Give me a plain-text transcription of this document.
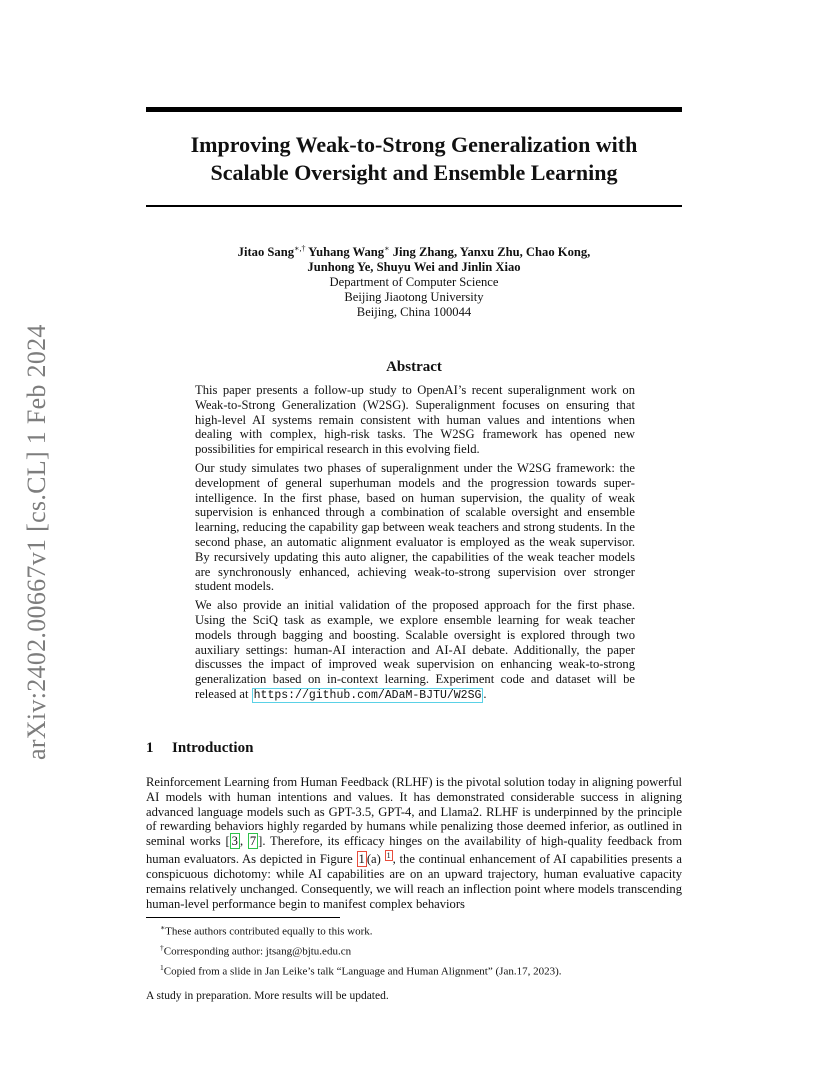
arXiv:2402.00667v1 [cs.CL] 1 Feb 2024
Improving Weak-to-Strong Generalization with
Scalable Oversight and Ensemble Learning
Jitao Sang∗,† Yuhang Wang∗ Jing Zhang, Yanxu Zhu, Chao Kong,
Junhong Ye, Shuyu Wei and Jinlin Xiao
Department of Computer Science
Beijing Jiaotong University
Beijing, China 100044
Abstract

This paper presents a follow-up study to OpenAI’s recent superalignment work on Weak-to-Strong Generalization (W2SG). Superalignment focuses on ensuring that high-level AI systems remain consistent with human values and intentions when dealing with complex, high-risk tasks. The W2SG framework has opened new possibilities for empirical research in this evolving field.

Our study simulates two phases of superalignment under the W2SG framework: the development of general superhuman models and the progression towards super-intelligence. In the first phase, based on human supervision, the quality of weak supervision is enhanced through a combination of scalable oversight and ensemble learning, reducing the capability gap between weak teachers and strong students. In the second phase, an automatic alignment evaluator is employed as the weak supervisor. By recursively updating this auto aligner, the capabilities of the weak teacher models are synchronously enhanced, achieving weak-to-strong supervision over stronger student models.

We also provide an initial validation of the proposed approach for the first phase. Using the SciQ task as example, we explore ensemble learning for weak teacher models through bagging and boosting. Scalable oversight is explored through two auxiliary settings: human-AI interaction and AI-AI debate. Additionally, the paper discusses the impact of improved weak supervision on enhancing weak-to-strong generalization based on in-context learning. Experiment code and dataset will be released at https://github.com/ADaM-BJTU/W2SG .

1 Introduction

Reinforcement Learning from Human Feedback (RLHF) is the pivotal solution today in aligning powerful AI models with human intentions and values. It has demonstrated considerable success in aligning advanced language models such as GPT-3.5, GPT-4, and Llama2. RLHF is underpinned by the principle of rewarding behaviors highly regarded by humans while penalizing those deemed inferior, as outlined in seminal works [ 3 , 7 ]. Therefore, its efficacy hinges on the availability of high-quality feedback from human evaluators. As depicted in Figure 1 (a) $^1$ , the continual enhancement of AI capabilities presents a conspicuous dichotomy: while AI capabilities are on an upward trajectory, human evaluative capacity remains relatively unchanged. Consequently, we will reach an inflection point where models transcending human-level performance begin to manifest complex behaviors

∗These authors contributed equally to this work.
†Corresponding author: jtsang@bjtu.edu.cn
$^1$Copied from a slide in Jan Leike’s talk “Language and Human Alignment” (Jan.17, 2023).
A study in preparation. More results will be updated.
